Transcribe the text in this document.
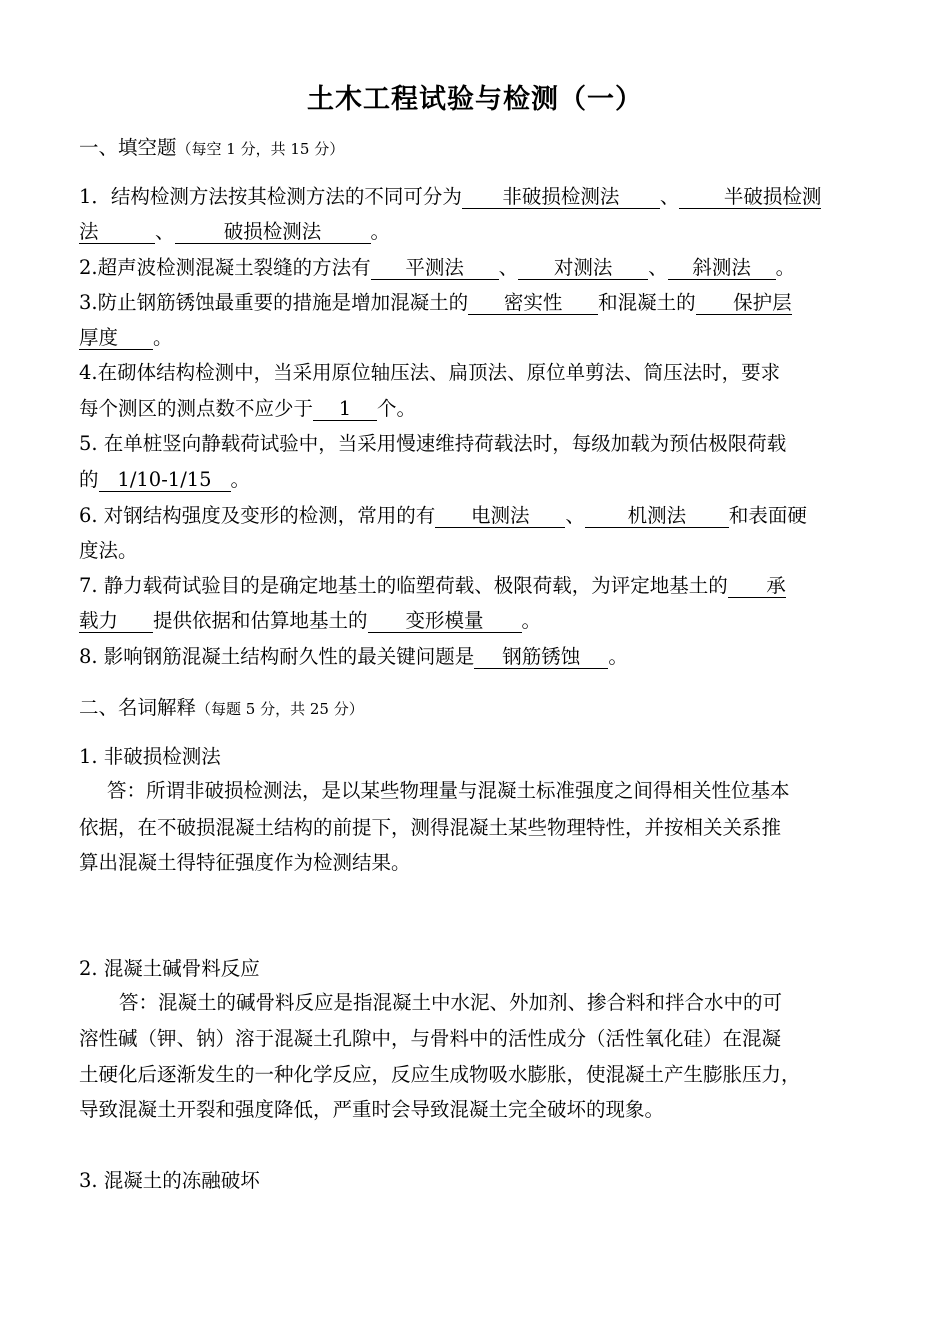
土木工程试验与检测（一）
一、填空题（每空 1 分，共 15 分）
1．结构检测方法按其检测方法的不同可分为 非破损检测法 、 半破损检测
法	、	破损检测法	。
2.超声波检测混凝土裂缝的方法有 平测法 、 对测法 、 斜测法 。
3.防止钢筋锈蚀最重要的措施是增加混凝土的 密实性 和混凝土的 保护层
厚度 。
4.在砌体结构检测中，当采用原位轴压法、扁顶法、原位单剪法、筒压法时，要求
每个测区的测点数不应少于 1 个。
5. 在单桩竖向静载荷试验中，当采用慢速维持荷载法时，每级加载为预估极限荷载
的 1/10-1/15 。
6. 对钢结构强度及变形的检测，常用的有 电测法 、 机测法 和表面硬
度法。
7. 静力载荷试验目的是确定地基土的临塑荷载、极限荷载，为评定地基土的 承
载力 提供依据和估算地基土的 变形模量 。
8. 影响钢筋混凝土结构耐久性的最关键问题是 钢筋锈蚀 。
二、名词解释（每题 5 分，共 25 分）
1. 非破损检测法
答：所谓非破损检测法，是以某些物理量与混凝土标准强度之间得相关性位基本
依据，在不破损混凝土结构的前提下，测得混凝土某些物理特性，并按相关关系推
算出混凝土得特征强度作为检测结果。
2. 混凝土碱骨料反应
答：混凝土的碱骨料反应是指混凝土中水泥、外加剂、掺合料和拌合水中的可
溶性碱（钾、钠）溶于混凝土孔隙中，与骨料中的活性成分（活性氧化硅）在混凝
土硬化后逐渐发生的一种化学反应，反应生成物吸水膨胀，使混凝土产生膨胀压力，
导致混凝土开裂和强度降低，严重时会导致混凝土完全破坏的现象。
3. 混凝土的冻融破坏
